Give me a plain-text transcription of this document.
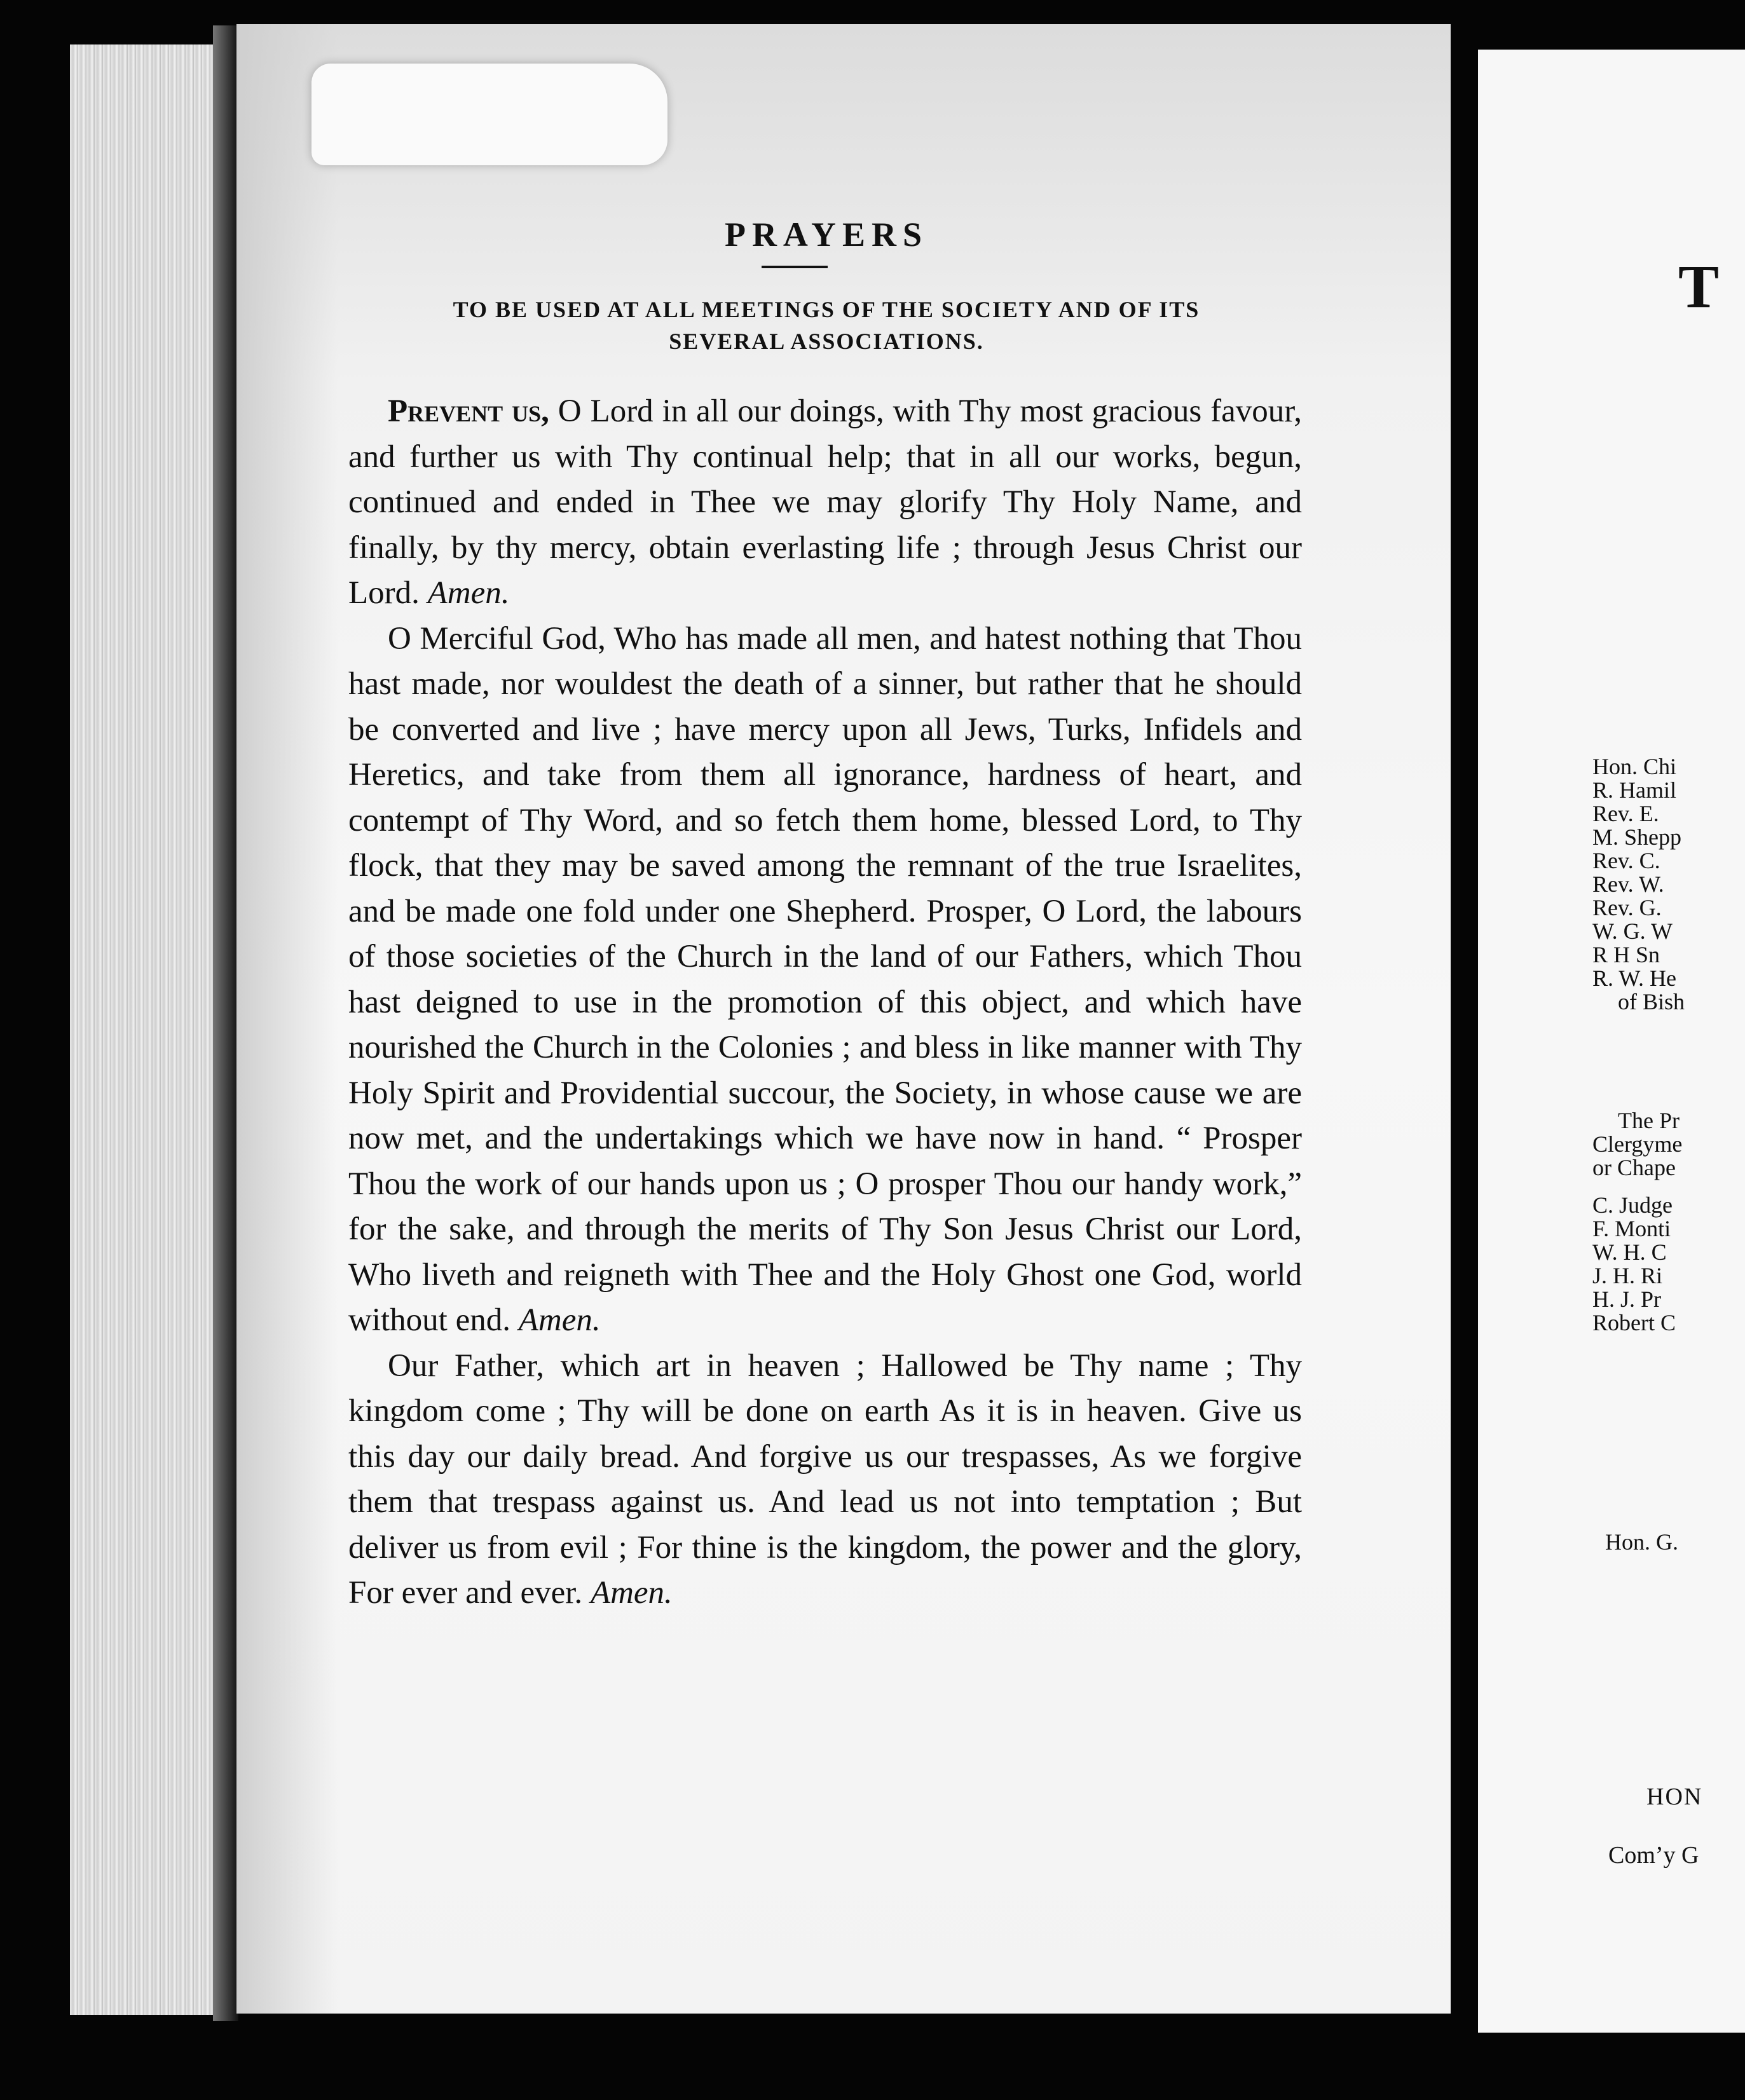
PRAYERS
TO BE USED AT ALL MEETINGS OF THE SOCIETY AND OF ITS
SEVERAL ASSOCIATIONS.

Prevent us, O Lord in all our doings, with Thy most gracious favour, and further us with Thy continual help; that in all our works, begun, continued and ended in Thee we may glorify Thy Holy Name, and finally, by thy mercy, obtain everlasting life ; through Jesus Christ our Lord. Amen.

O Merciful God, Who has made all men, and hatest nothing that Thou hast made, nor wouldest the death of a sinner, but rather that he should be converted and live ; have mercy upon all Jews, Turks, Infidels and Heretics, and take from them all ignorance, hardness of heart, and contempt of Thy Word, and so fetch them home, blessed Lord, to Thy flock, that they may be saved among the remnant of the true Israelites, and be made one fold under one Shepherd. Prosper, O Lord, the labours of those societies of the Church in the land of our Fathers, which Thou hast deigned to use in the promotion of this object, and which have nourished the Church in the Colonies ; and bless in like manner with Thy Holy Spirit and Providential succour, the Society, in whose cause we are now met, and the undertakings which we have now in hand. “ Prosper Thou the work of our hands upon us ; O prosper Thou our handy work,” for the sake, and through the merits of Thy Son Jesus Christ our Lord, Who liveth and reigneth with Thee and the Holy Ghost one God, world without end. Amen.

Our Father, which art in heaven ; Hallowed be Thy name ; Thy kingdom come ; Thy will be done on earth As it is in heaven. Give us this day our daily bread. And forgive us our trespasses, As we forgive them that trespass against us. And lead us not into temptation ; But deliver us from evil ; For thine is the kingdom, the power and the glory, For ever and ever. Amen.

T
Hon. Chi
R. Hamil
Rev. E.
M. Shepp
Rev. C.
Rev. W.
Rev. G.
W. G. W
R H Sn
R. W. He
of Bish
The Pr
Clergyme
or Chape
C. Judge
F. Monti
W. H. C
J. H. Ri
H. J. Pr
Robert C
Hon. G.
HON
Com’y G
